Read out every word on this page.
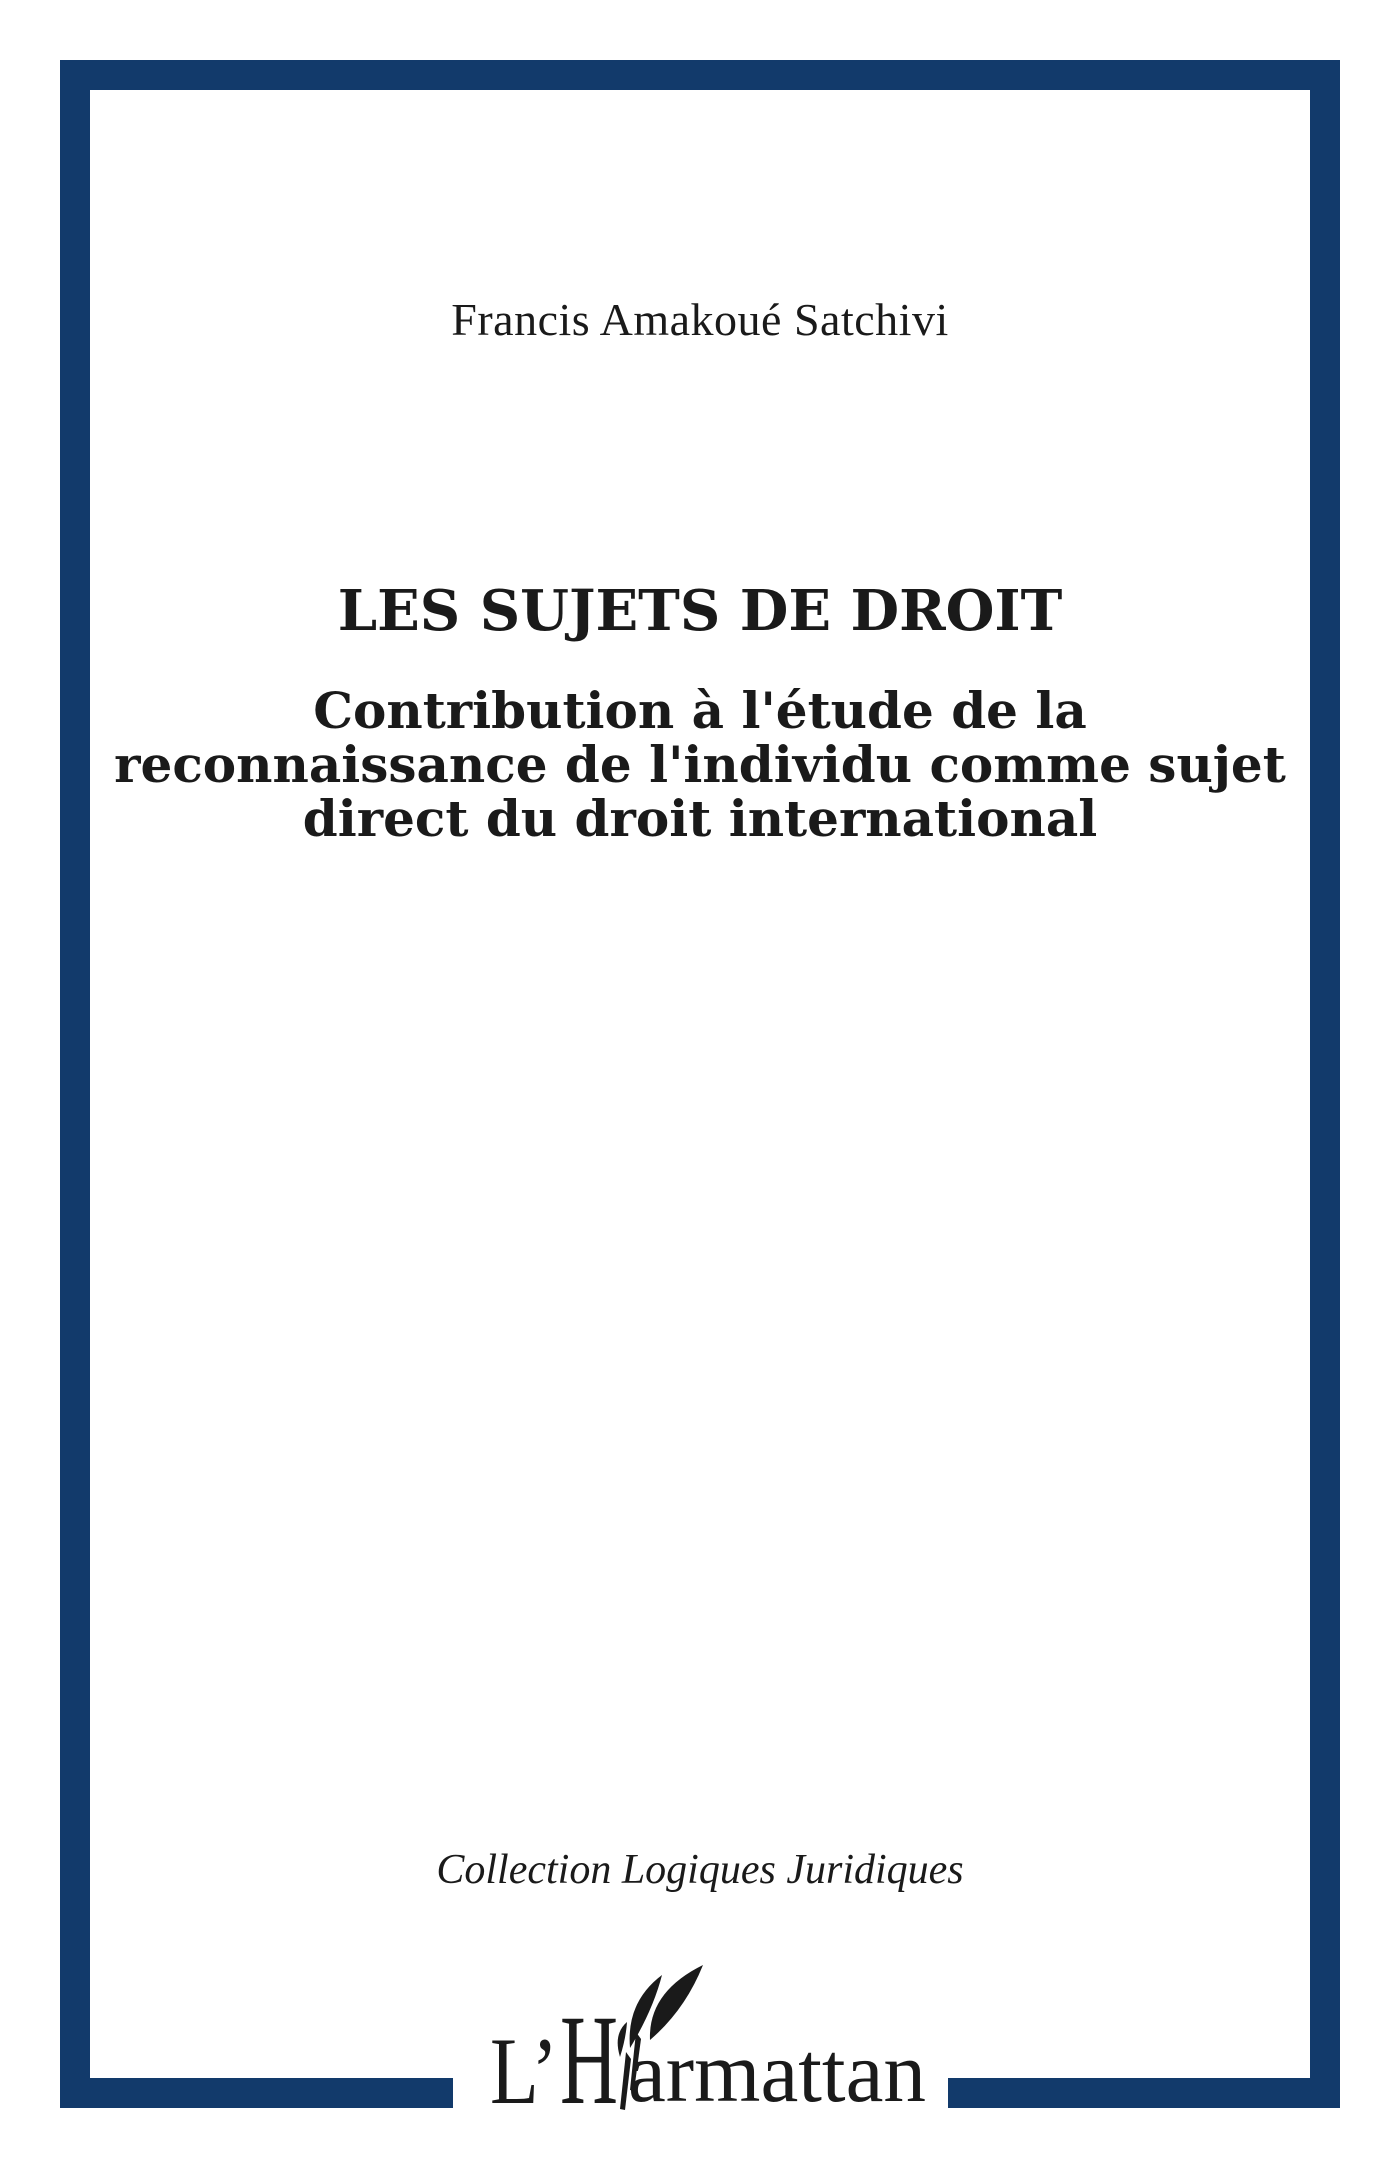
Francis Amakoué Satchivi
LES SUJETS DE DROIT
Contribution à l'étude de la
reconnaissance de l'individu comme sujet
direct du droit international
Collection Logiques Juridiques
L’ H armattan
